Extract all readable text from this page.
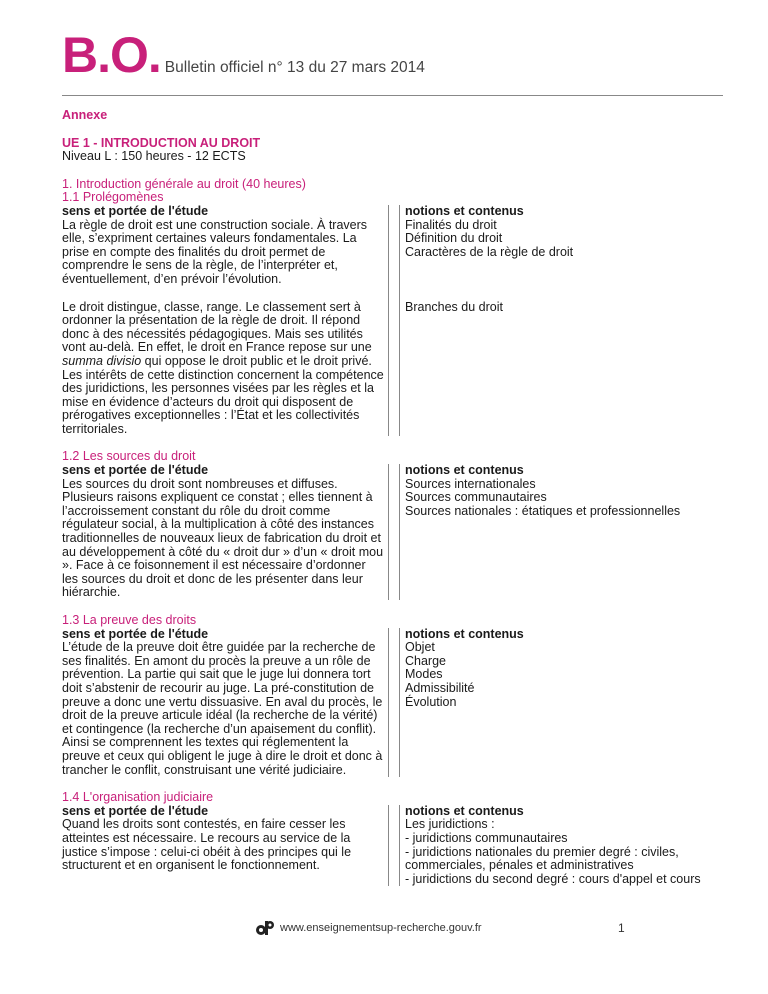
B.O. Bulletin officiel n° 13 du 27 mars 2014
Annexe
UE 1 - INTRODUCTION AU DROIT
Niveau L : 150 heures - 12 ECTS
1. Introduction générale au droit (40 heures)
1.1 Prolégomènes
sens et portée de l'étude
La règle de droit est une construction sociale. À travers elle, s’expriment certaines valeurs fondamentales. La prise en compte des finalités du droit permet de comprendre le sens de la règle, de l’interpréter et, éventuellement, d’en prévoir l’évolution.
notions et contenus
Finalités du droit
Définition du droit
Caractères de la règle de droit
Le droit distingue, classe, range. Le classement sert à ordonner la présentation de la règle de droit. Il répond donc à des nécessités pédagogiques. Mais ses utilités vont au-delà. En effet, le droit en France repose sur une summa divisio qui oppose le droit public et le droit privé. Les intérêts de cette distinction concernent la compétence des juridictions, les personnes visées par les règles et la mise en évidence d’acteurs du droit qui disposent de prérogatives exceptionnelles : l’État et les collectivités territoriales.
Branches du droit
1.2 Les sources du droit
sens et portée de l'étude
Les sources du droit sont nombreuses et diffuses. Plusieurs raisons expliquent ce constat ; elles tiennent à l’accroissement constant du rôle du droit comme régulateur social, à la multiplication à côté des instances traditionnelles de nouveaux lieux de fabrication du droit et au développement à côté du « droit dur » d’un « droit mou ». Face à ce foisonnement il est nécessaire d’ordonner les sources du droit et donc de les présenter dans leur hiérarchie.
notions et contenus
Sources internationales
Sources communautaires
Sources nationales : étatiques et professionnelles
1.3 La preuve des droits
sens et portée de l'étude
L’étude de la preuve doit être guidée par la recherche de ses finalités. En amont du procès la preuve a un rôle de prévention. La partie qui sait que le juge lui donnera tort doit s’abstenir de recourir au juge. La pré-constitution de preuve a donc une vertu dissuasive. En aval du procès, le droit de la preuve articule idéal (la recherche de la vérité) et contingence (la recherche d’un apaisement du conflit). Ainsi se comprennent les textes qui réglementent la preuve et ceux qui obligent le juge à dire le droit et donc à trancher le conflit, construisant une vérité judiciaire.
notions et contenus
Objet
Charge
Modes
Admissibilité
Évolution
1.4 L'organisation judiciaire
sens et portée de l'étude
Quand les droits sont contestés, en faire cesser les atteintes est nécessaire. Le recours au service de la justice s’impose : celui-ci obéit à des principes qui le structurent et en organisent le fonctionnement.
notions et contenus
Les juridictions :
- juridictions communautaires
- juridictions nationales du premier degré : civiles, commerciales, pénales et administratives
- juridictions du second degré : cours d'appel et cours
www.enseignementsup-recherche.gouv.fr	1
